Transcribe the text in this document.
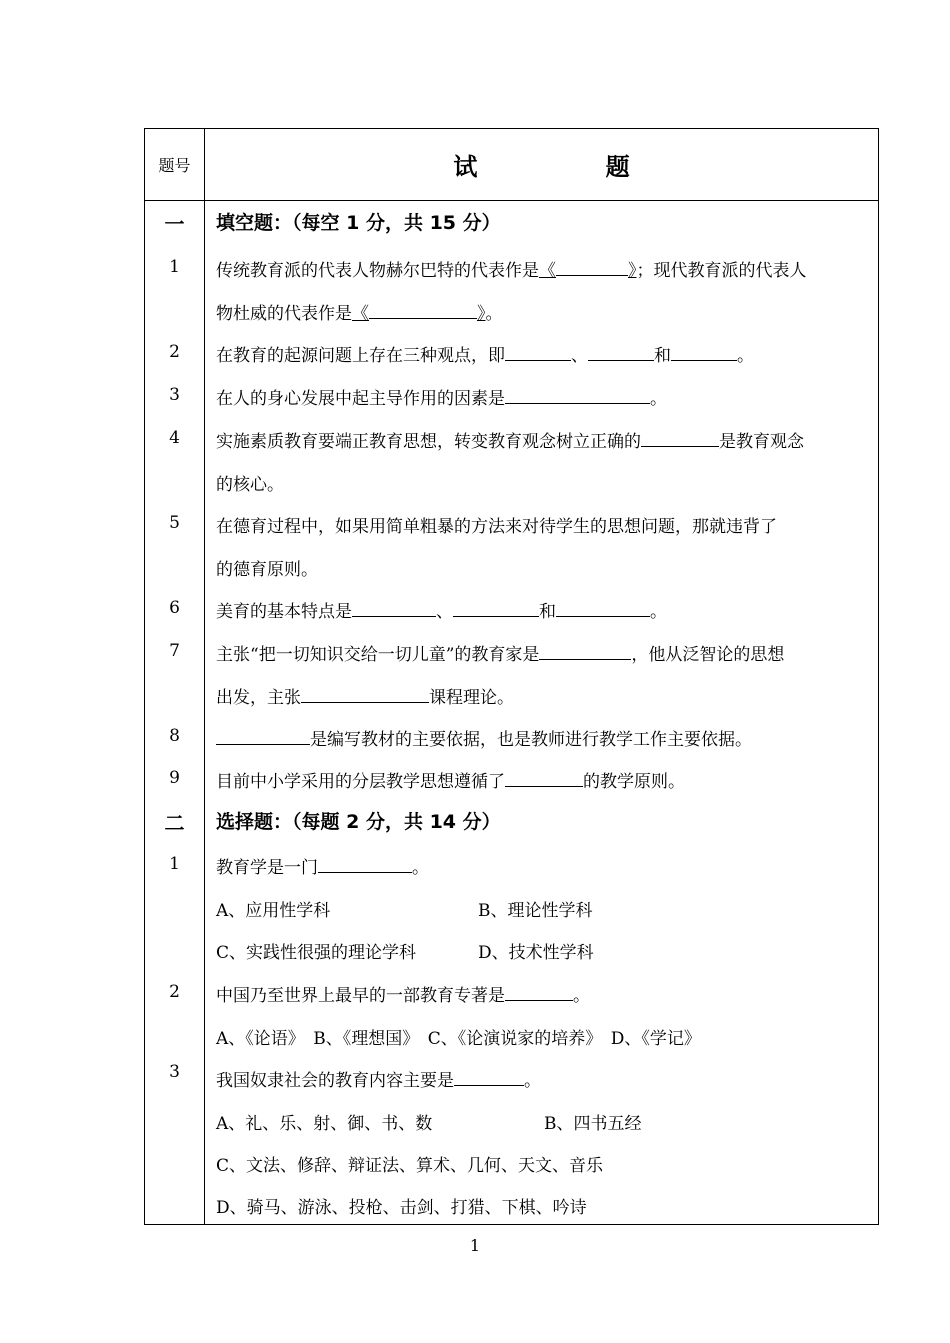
题号	试 题
一	填空题：（每空 1 分，共 15 分）
1	传统教育派的代表人物赫尔巴特的代表作是《	》；现代教育派的代表人
物杜威的代表作是《	》。
2	在教育的起源问题上存在三种观点，即	、	和	。
3	在人的身心发展中起主导作用的因素是	。
4	实施素质教育要端正教育思想，转变教育观念树立正确的	是教育观念
的核心。
5	在德育过程中，如果用简单粗暴的方法来对待学生的思想问题，那就违背了
的德育原则。
6	美育的基本特点是	、	和	。
7	主张“把一切知识交给一切儿童”的教育家是	，他从泛智论的思想
出发，主张	课程理论。
8	是编写教材的主要依据，也是教师进行教学工作主要依据。
9	目前中小学采用的分层教学思想遵循了	的教学原则。
二	选择题：（每题 2 分，共 14 分）
1	教育学是一门	。
A、应用性学科	B、理论性学科
C、实践性很强的理论学科	D、技术性学科
2	中国乃至世界上最早的一部教育专著是	。
A、《论语》　B、《理想国》　C、《论演说家的培养》　D、《学记》
3	我国奴隶社会的教育内容主要是	。
A、礼、乐、射、御、书、数	B、四书五经
C、文法、修辞、辩证法、算术、几何、天文、音乐
D、骑马、游泳、投枪、击剑、打猎、下棋、吟诗
1
